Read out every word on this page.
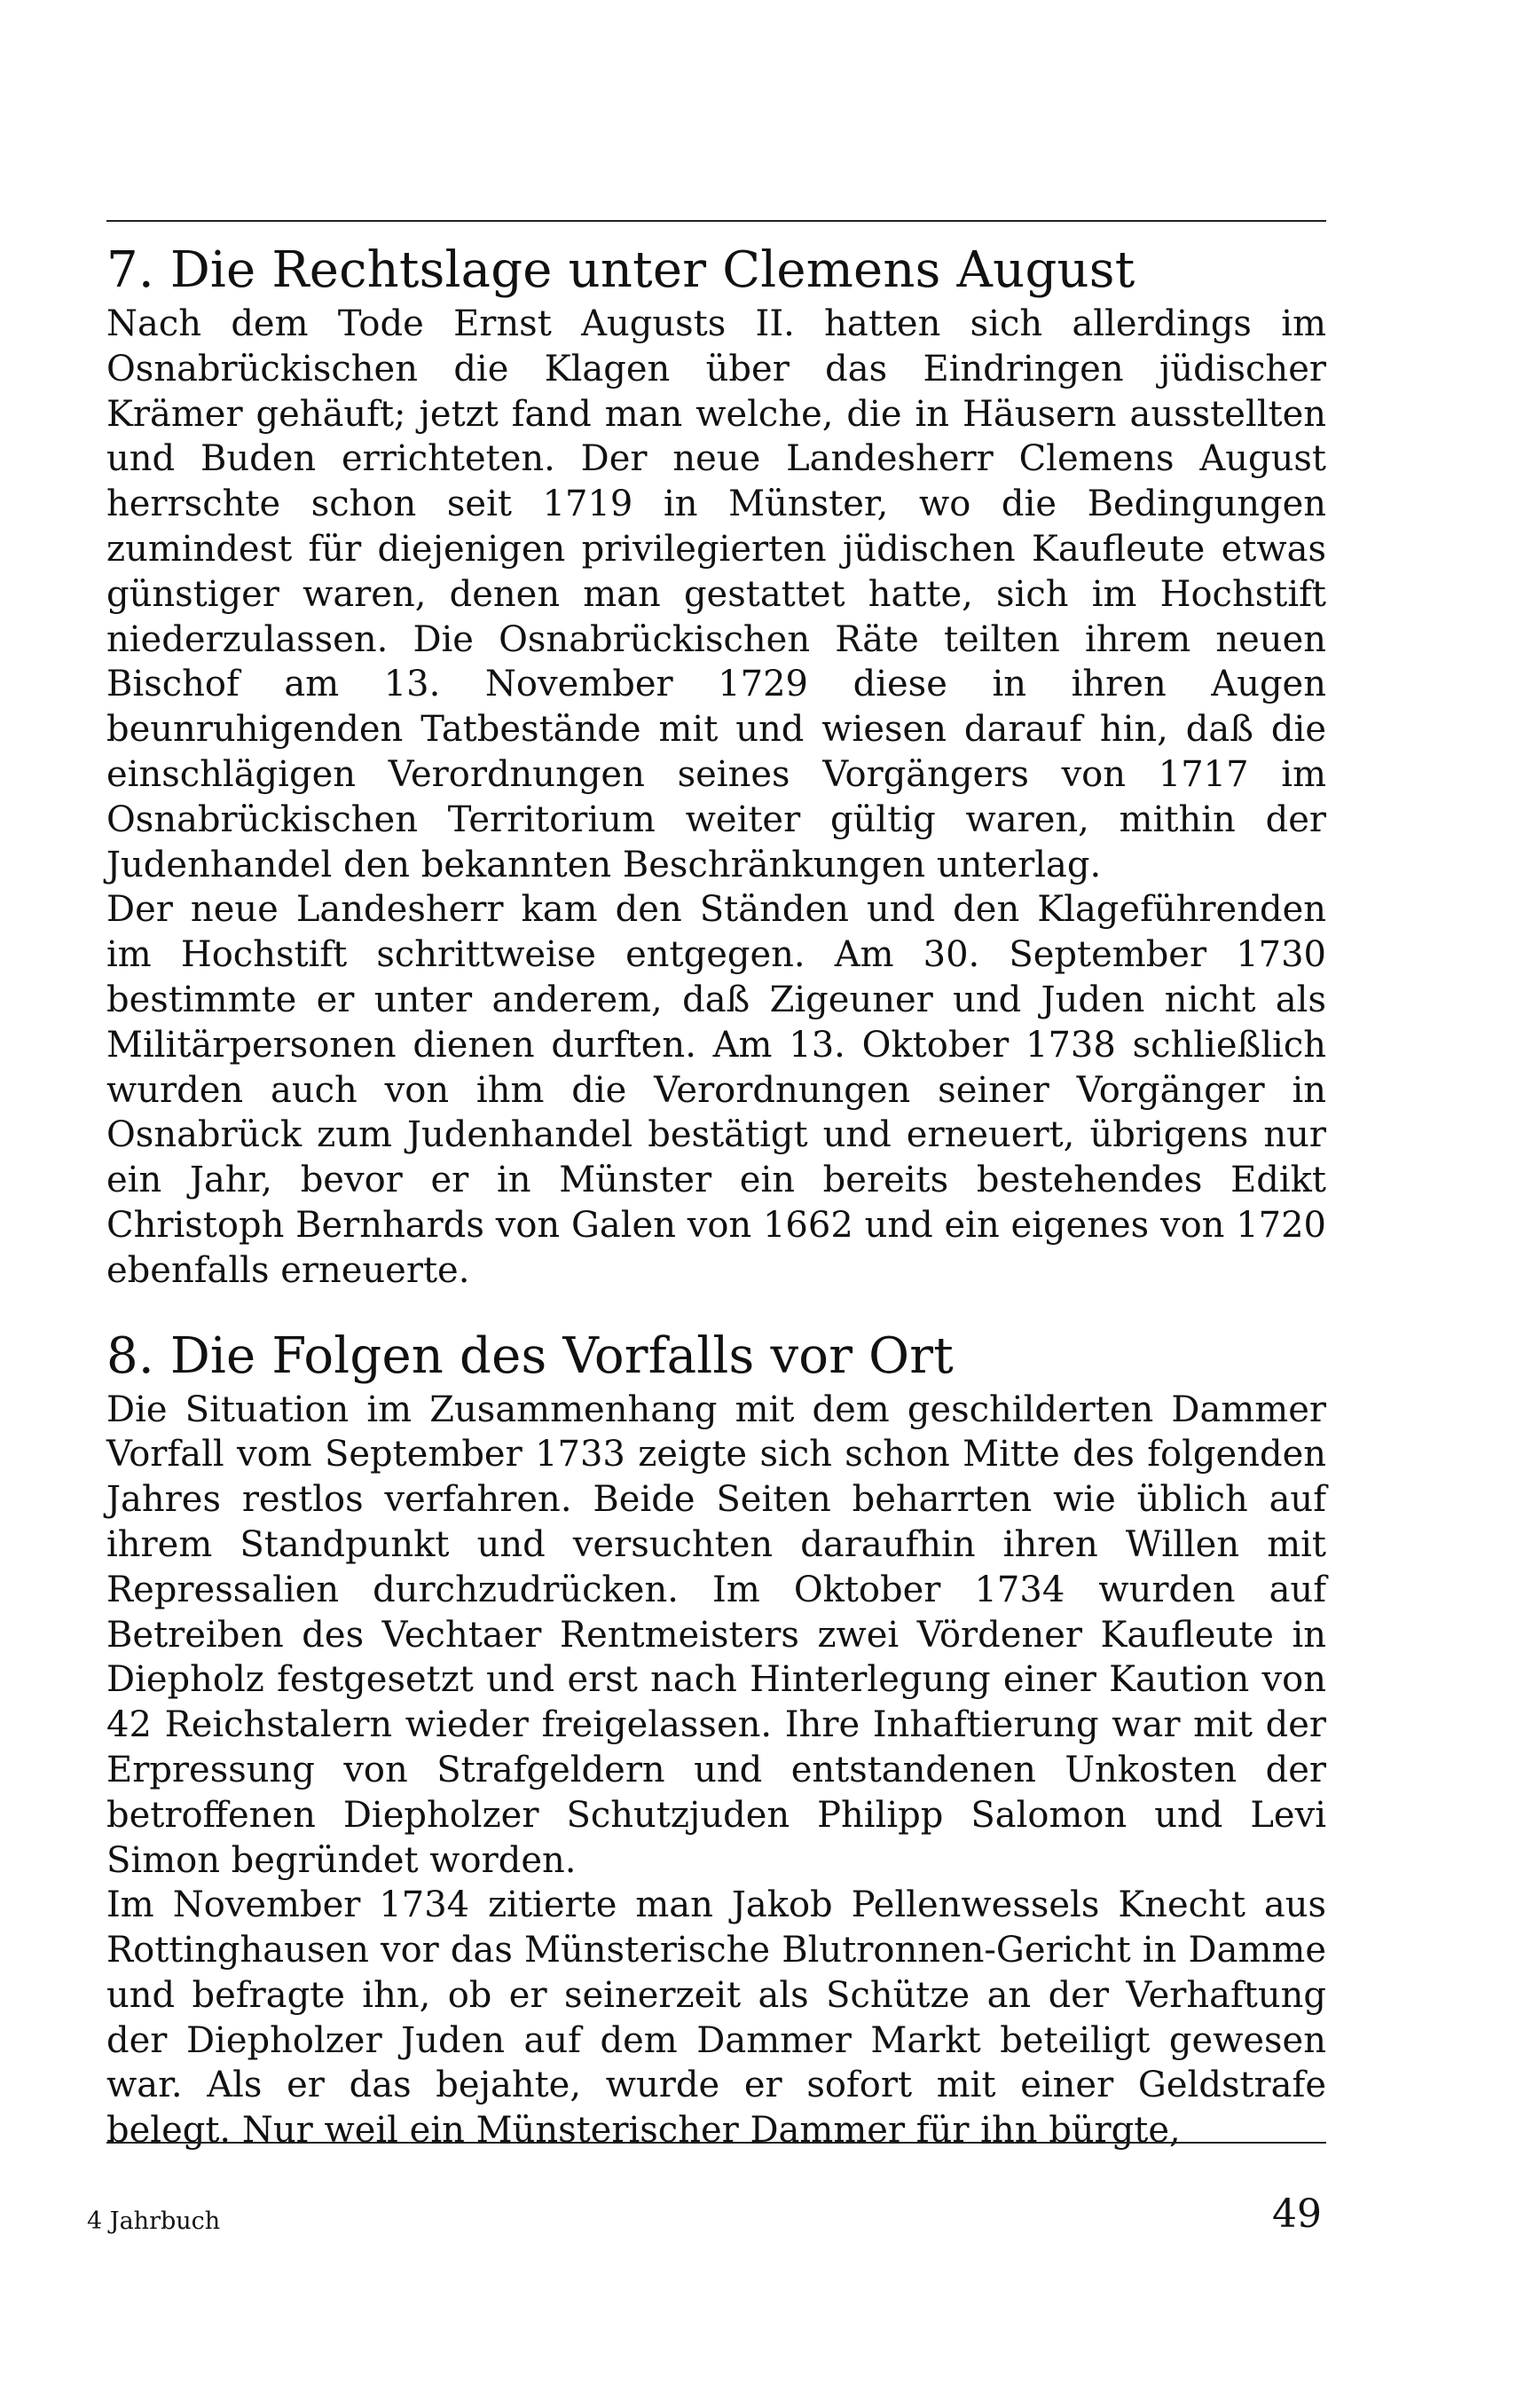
7. Die Rechtslage unter Clemens August

Nach dem Tode Ernst Augusts II. hatten sich allerdings im Osnabrückischen die Klagen über das Eindringen jüdischer Krämer gehäuft; jetzt fand man welche, die in Häusern ausstellten und Buden errichteten. Der neue Landesherr Clemens August herrschte schon seit 1719 in Münster, wo die Bedingungen zumindest für diejenigen privilegierten jüdischen Kaufleute etwas günstiger waren, denen man gestattet hatte, sich im Hochstift niederzulassen. Die Osnabrückischen Räte teilten ihrem neuen Bischof am 13. November 1729 diese in ihren Augen beunruhigenden Tatbestände mit und wiesen darauf hin, daß die einschlägigen Verordnungen seines Vorgängers von 1717 im Osnabrückischen Territorium weiter gültig waren, mithin der Judenhandel den bekannten Beschränkungen unterlag.

Der neue Landesherr kam den Ständen und den Klageführenden im Hochstift schrittweise entgegen. Am 30. September 1730 bestimmte er unter anderem, daß Zigeuner und Juden nicht als Militärpersonen dienen durften. Am 13. Oktober 1738 schließlich wurden auch von ihm die Verordnungen seiner Vorgänger in Osnabrück zum Judenhandel bestätigt und erneuert, übrigens nur ein Jahr, bevor er in Münster ein bereits bestehendes Edikt Christoph Bernhards von Galen von 1662 und ein eigenes von 1720 ebenfalls erneuerte.

8. Die Folgen des Vorfalls vor Ort

Die Situation im Zusammenhang mit dem geschilderten Dammer Vorfall vom September 1733 zeigte sich schon Mitte des folgenden Jahres restlos verfahren. Beide Seiten beharrten wie üblich auf ihrem Standpunkt und versuchten daraufhin ihren Willen mit Repressalien durchzudrücken. Im Oktober 1734 wurden auf Betreiben des Vechtaer Rentmeisters zwei Vördener Kaufleute in Diepholz festgesetzt und erst nach Hinterlegung einer Kaution von 42 Reichstalern wieder freigelassen. Ihre Inhaftierung war mit der Erpressung von Strafgeldern und entstandenen Unkosten der betroffenen Diepholzer Schutzjuden Philipp Salomon und Levi Simon begründet worden.

Im November 1734 zitierte man Jakob Pellenwessels Knecht aus Rottinghausen vor das Münsterische Blutronnen-Gericht in Damme und befragte ihn, ob er seinerzeit als Schütze an der Verhaftung der Diepholzer Juden auf dem Dammer Markt beteiligt gewesen war. Als er das bejahte, wurde er sofort mit einer Geldstrafe belegt. Nur weil ein Münsterischer Dammer für ihn bürgte,

4 Jahrbuch	49
